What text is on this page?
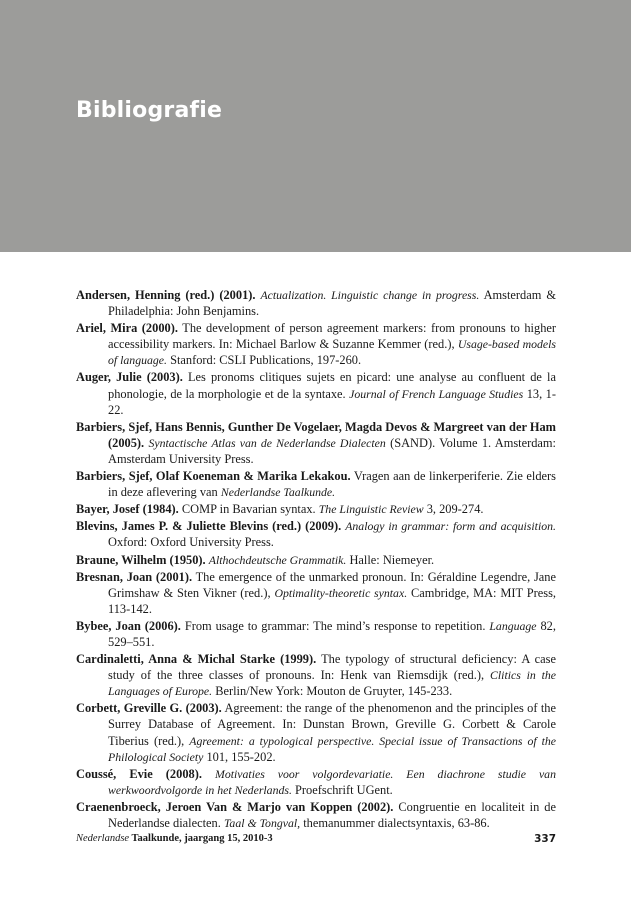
Bibliografie
Andersen, Henning (red.) (2001). Actualization. Linguistic change in progress. Amsterdam & Philadelphia: John Benjamins.
Ariel, Mira (2000). The development of person agreement markers: from pronouns to higher accessibility markers. In: Michael Barlow & Suzanne Kemmer (red.), Usage-based models of language. Stanford: CSLI Publications, 197-260.
Auger, Julie (2003). Les pronoms clitiques sujets en picard: une analyse au confluent de la phonologie, de la morphologie et de la syntaxe. Journal of French Language Studies 13, 1-22.
Barbiers, Sjef, Hans Bennis, Gunther De Vogelaer, Magda Devos & Margreet van der Ham (2005). Syntactische Atlas van de Nederlandse Dialecten (SAND). Volume 1. Amsterdam: Amsterdam University Press.
Barbiers, Sjef, Olaf Koeneman & Marika Lekakou. Vragen aan de linkerperiferie. Zie elders in deze aflevering van Nederlandse Taalkunde.
Bayer, Josef (1984). COMP in Bavarian syntax. The Linguistic Review 3, 209-274.
Blevins, James P. & Juliette Blevins (red.) (2009). Analogy in grammar: form and acquisition. Oxford: Oxford University Press.
Braune, Wilhelm (1950). Althochdeutsche Grammatik. Halle: Niemeyer.
Bresnan, Joan (2001). The emergence of the unmarked pronoun. In: Géraldine Legendre, Jane Grimshaw & Sten Vikner (red.), Optimality-theoretic syntax. Cambridge, MA: MIT Press, 113-142.
Bybee, Joan (2006). From usage to grammar: The mind’s response to repetition. Language 82, 529–551.
Cardinaletti, Anna & Michal Starke (1999). The typology of structural deficiency: A case study of the three classes of pronouns. In: Henk van Riemsdijk (red.), Clitics in the Languages of Europe. Berlin/New York: Mouton de Gruyter, 145-233.
Corbett, Greville G. (2003). Agreement: the range of the phenomenon and the principles of the Surrey Database of Agreement. In: Dunstan Brown, Greville G. Corbett & Carole Tiberius (red.), Agreement: a typological perspective. Special issue of Transactions of the Philological Society 101, 155-202.
Coussé, Evie (2008). Motivaties voor volgordevariatie. Een diachrone studie van werkwoordvolgorde in het Nederlands. Proefschrift UGent.
Craenenbroeck, Jeroen Van & Marjo van Koppen (2002). Congruentie en localiteit in de Nederlandse dialecten. Taal & Tongval, themanummer dialectsyntaxis, 63-86.
Nederlandse Taalkunde, jaargang 15, 2010-3	337
